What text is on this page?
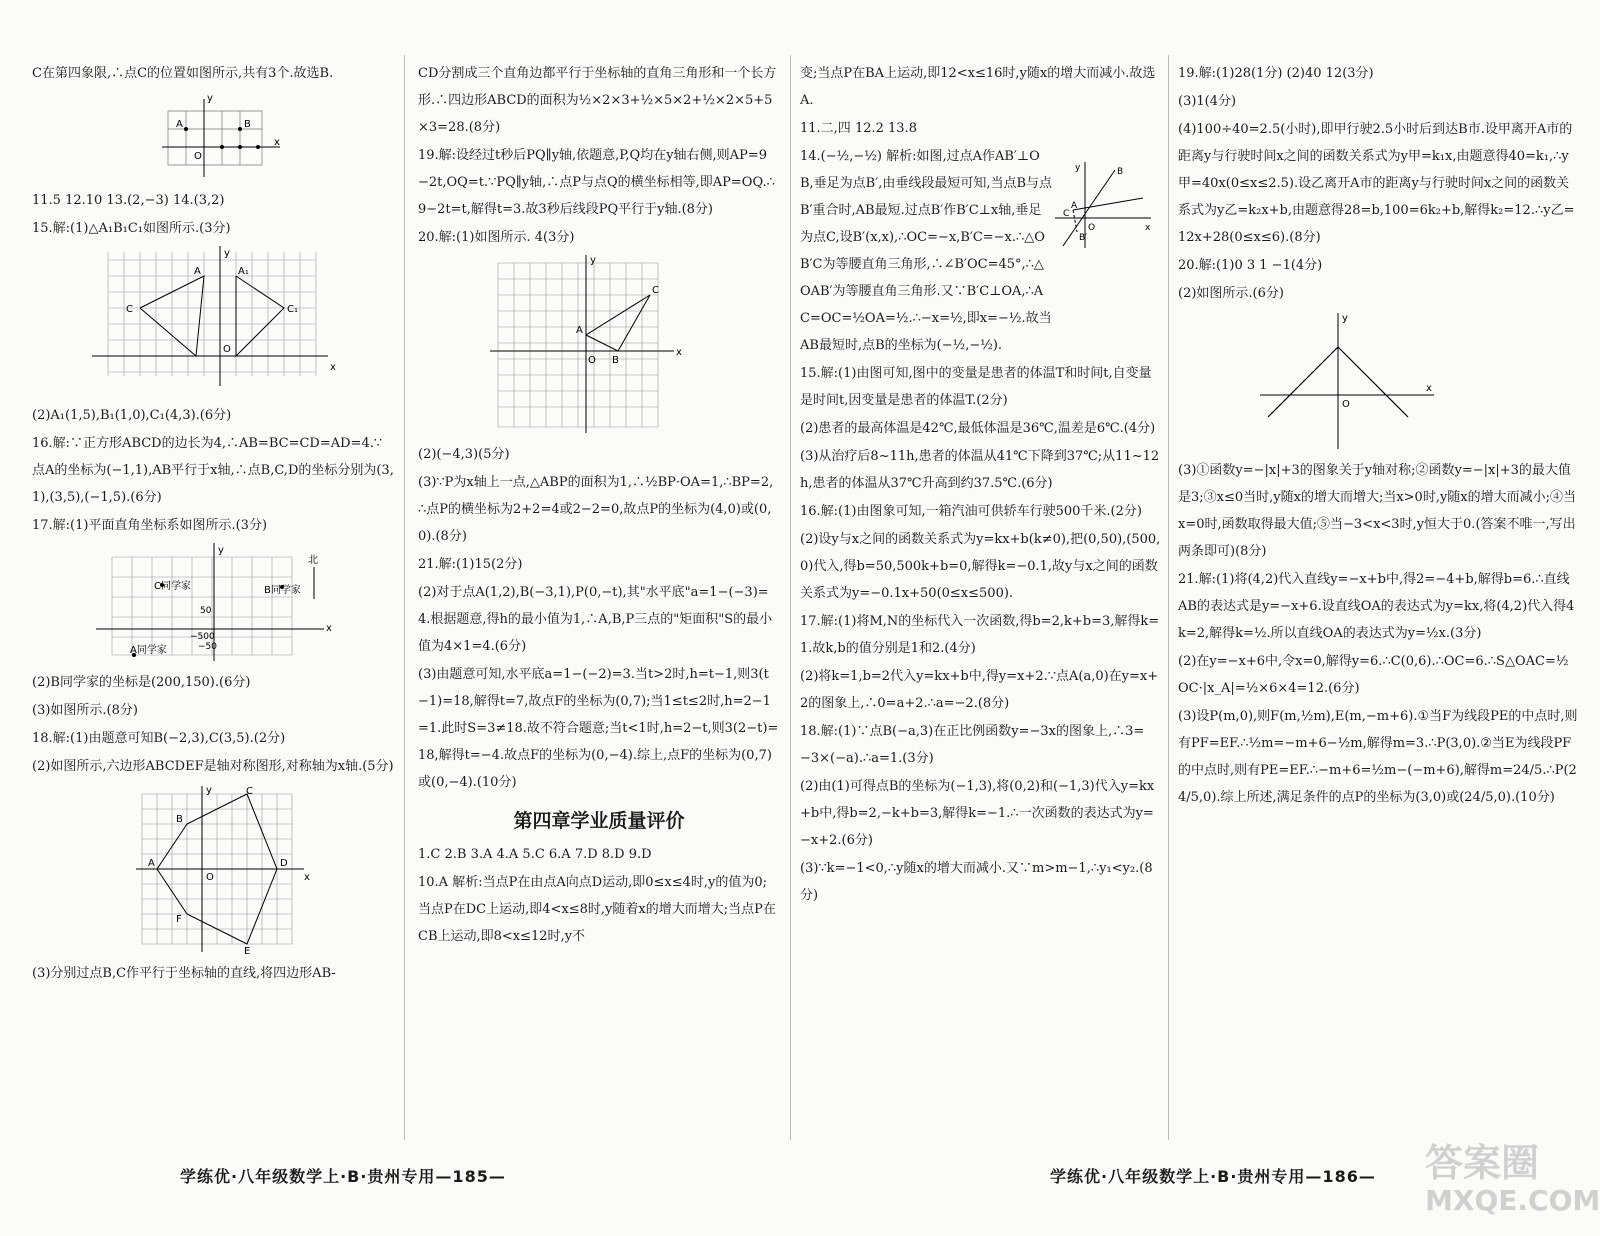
C在第四象限,∴点C的位置如图所示,共有3个.故选B.

A	B
O
x
y

11.5 12.10 13.(2,−3) 14.(3,2)

15.解:(1)△A₁B₁C₁如图所示.(3分)

C
A	A₁
C₁
O
y
x

(2)A₁(1,5),B₁(1,0),C₁(4,3).(6分)

16.解:∵正方形ABCD的边长为4,∴AB=BC=CD=AD=4.∵点A的坐标为(−1,1),AB平行于x轴,∴点B,C,D的坐标分别为(3,1),(3,5),(−1,5).(6分)

17.解:(1)平面直角坐标系如图所示.(3分)

C同学家	B同学家
A同学家
北
50
−500
−50
y
x

(2)B同学家的坐标是(200,150).(6分)

(3)如图所示.(8分)

18.解:(1)由题意可知B(−2,3),C(3,5).(2分)

(2)如图所示,六边形ABCDEF是轴对称图形,对称轴为x轴.(5分)

A
B
C
D
E
F
O	x
y

(3)分别过点B,C作平行于坐标轴的直线,将四边形AB-

CD分割成三个直角边都平行于坐标轴的直角三角形和一个长方形.∴四边形ABCD的面积为½×2×3+½×5×2+½×2×5+5×3=28.(8分)

19.解:设经过t秒后PQ∥y轴,依题意,P,Q均在y轴右侧,则AP=9−2t,OQ=t.∵PQ∥y轴,∴点P与点Q的横坐标相等,即AP=OQ.∴9−2t=t,解得t=3.故3秒后线段PQ平行于y轴.(8分)

20.解:(1)如图所示. 4(3分)

A
B
C
O
x
y

(2)(−4,3)(5分)

(3)∵P为x轴上一点,△ABP的面积为1,∴½BP·OA=1,∴BP=2,∴点P的横坐标为2+2=4或2−2=0,故点P的坐标为(4,0)或(0,0).(8分)

21.解:(1)15(2分)

(2)对于点A(1,2),B(−3,1),P(0,−t),其"水平底"a=1−(−3)=4.根据题意,得h的最小值为1,∴A,B,P三点的"矩面积"S的最小值为4×1=4.(6分)

(3)由题意可知,水平底a=1−(−2)=3.当t>2时,h=t−1,则3(t−1)=18,解得t=7,故点F的坐标为(0,7);当1≤t≤2时,h=2−1=1.此时S=3≠18.故不符合题意;当t<1时,h=2−t,则3(2−t)=18,解得t=−4.故点F的坐标为(0,−4).综上,点F的坐标为(0,7)或(0,−4).(10分)

第四章学业质量评价

1.C 2.B 3.A 4.A 5.C 6.A 7.D 8.D 9.D

10.A 解析:当点P在由点A向点D运动,即0≤x≤4时,y的值为0;当点P在DC上运动,即4<x≤8时,y随着x的增大而增大;当点P在CB上运动,即8<x≤12时,y不

变;当点P在BA上运动,即12<x≤16时,y随x的增大而减小.故选A.

11.二,四 12.2 13.8

14.(−½,−½) 解析:如图,过点A作AB′⊥OB,垂足为点B′,由垂线段最短可知,当点B与点B′重合时,AB最短.过点B′作B′C⊥x轴,垂足为点C,设B′(x,x),∴OC=−x,B′C=−x.∴△OB′C为等腰直角三角形,∴∠B′OC=45°,∴△OAB′为等腰直角三角形.又∵B′C⊥OA,∴AC=OC=½OA=½.∴−x=½,即x=−½.故当AB最短时,点B的坐标为(−½,−½).

15.解:(1)由图可知,图中的变量是患者的体温T和时间t,自变量是时间t,因变量是患者的体温T.(2分)

(2)患者的最高体温是42℃,最低体温是36℃,温差是6℃.(4分)

(3)从治疗后8~11h,患者的体温从41℃下降到37℃;从11~12h,患者的体温从37℃升高到约37.5℃.(6分)

16.解:(1)由图象可知,一箱汽油可供轿车行驶500千米.(2分)

(2)设y与x之间的函数关系式为y=kx+b(k≠0),把(0,50),(500,0)代入,得b=50,500k+b=0,解得k=−0.1,故y与x之间的函数关系式为y=−0.1x+50(0≤x≤500).

17.解:(1)将M,N的坐标代入一次函数,得b=2,k+b=3,解得k=1.故k,b的值分别是1和2.(4分)

(2)将k=1,b=2代入y=kx+b中,得y=x+2.∵点A(a,0)在y=x+2的图象上,∴0=a+2.∴a=−2.(8分)

18.解:(1)∵点B(−a,3)在正比例函数y=−3x的图象上,∴3=−3×(−a).∴a=1.(3分)

(2)由(1)可得点B的坐标为(−1,3),将(0,2)和(−1,3)代入y=kx+b中,得b=2,−k+b=3,解得k=−1.∴一次函数的表达式为y=−x+2.(6分)

(3)∵k=−1<0,∴y随x的增大而减小.又∵m>m−1,∴y₁<y₂.(8分)

B
C
A
B′
O	x
y

19.解:(1)28(1分) (2)40 12(3分)

(3)1(4分)

(4)100÷40=2.5(小时),即甲行驶2.5小时后到达B市.设甲离开A市的距离y与行驶时间x之间的函数关系式为y甲=k₁x,由题意得40=k₁,∴y甲=40x(0≤x≤2.5).设乙离开A市的距离y与行驶时间x之间的函数关系式为y乙=k₂x+b,由题意得28=b,100=6k₂+b,解得k₂=12.∴y乙=12x+28(0≤x≤6).(8分)

20.解:(1)0 3 1 −1(4分)

(2)如图所示.(6分)

O
x
y

(3)①函数y=−|x|+3的图象关于y轴对称;②函数y=−|x|+3的最大值是3;③x≤0当时,y随x的增大而增大;当x>0时,y随x的增大而减小;④当x=0时,函数取得最大值;⑤当−3<x<3时,y恒大于0.(答案不唯一,写出两条即可)(8分)

21.解:(1)将(4,2)代入直线y=−x+b中,得2=−4+b,解得b=6.∴直线AB的表达式是y=−x+6.设直线OA的表达式为y=kx,将(4,2)代入得4k=2,解得k=½.所以直线OA的表达式为y=½x.(3分)

(2)在y=−x+6中,令x=0,解得y=6.∴C(0,6).∴OC=6.∴S△OAC=½OC·|x_A|=½×6×4=12.(6分)

(3)设P(m,0),则F(m,½m),E(m,−m+6).①当F为线段PE的中点时,则有PF=EF.∴½m=−m+6−½m,解得m=3.∴P(3,0).②当E为线段PF的中点时,则有PE=EF.∴−m+6=½m−(−m+6),解得m=24/5.∴P(24/5,0).综上所述,满足条件的点P的坐标为(3,0)或(24/5,0).(10分)

学练优·八年级数学上·B·贵州专用—185—	学练优·八年级数学上·B·贵州专用—186— 答案圈
MXQE.COM
